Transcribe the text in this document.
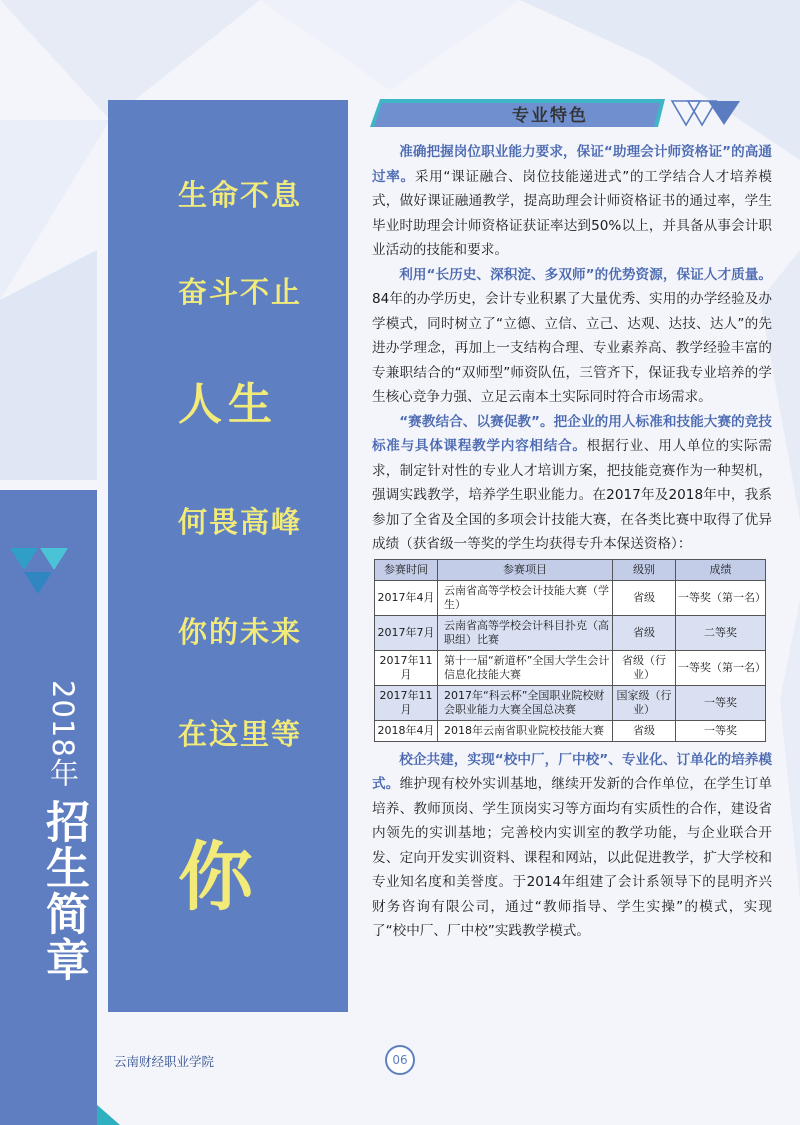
2018年 招生简章
生命不息
奋斗不止
人生
何畏高峰
你的未来
在这里等
你
专业特色

准确把握岗位职业能力要求，保证“助理会计师资格证”的高通过率。采用“课证融合、岗位技能递进式”的工学结合人才培养模式，做好课证融通教学，提高助理会计师资格证书的通过率，学生毕业时助理会计师资格证获证率达到50%以上，并具备从事会计职业活动的技能和要求。

利用“长历史、深积淀、多双师”的优势资源，保证人才质量。84年的办学历史，会计专业积累了大量优秀、实用的办学经验及办学模式，同时树立了“立德、立信、立己、达观、达技、达人”的先进办学理念，再加上一支结构合理、专业素养高、教学经验丰富的专兼职结合的“双师型”师资队伍，三管齐下，保证我专业培养的学生核心竞争力强、立足云南本土实际同时符合市场需求。

“赛教结合、以赛促教”。把企业的用人标准和技能大赛的竞技标准与具体课程教学内容相结合。根据行业、用人单位的实际需求，制定针对性的专业人才培训方案，把技能竞赛作为一种契机，强调实践教学，培养学生职业能力。在2017年及2018年中，我系参加了全省及全国的多项会计技能大赛，在各类比赛中取得了优异成绩（获省级一等奖的学生均获得专升本保送资格）：

参赛时间	参赛项目	级别	成绩
2017年4月	云南省高等学校会计技能大赛（学生）	省级	一等奖（第一名）
2017年7月	云南省高等学校会计科目扑克（高职组）比赛	省级	二等奖
2017年11月	第十一届“新道杯”全国大学生会计信息化技能大赛	省级（行业）	一等奖（第一名）
2017年11月	2017年“科云杯”全国职业院校财会职业能力大赛全国总决赛	国家级（行业）	一等奖
2018年4月	2018年云南省职业院校技能大赛	省级	一等奖

校企共建，实现“校中厂，厂中校”、专业化、订单化的培养模式。维护现有校外实训基地，继续开发新的合作单位，在学生订单培养、教师顶岗、学生顶岗实习等方面均有实质性的合作，建设省内领先的实训基地；完善校内实训室的教学功能，与企业联合开发、定向开发实训资料、课程和网站，以此促进教学，扩大学校和专业知名度和美誉度。于2014年组建了会计系领导下的昆明齐兴财务咨询有限公司，通过“教师指导、学生实操”的模式，实现了“校中厂、厂中校”实践教学模式。

云南财经职业学院	06
